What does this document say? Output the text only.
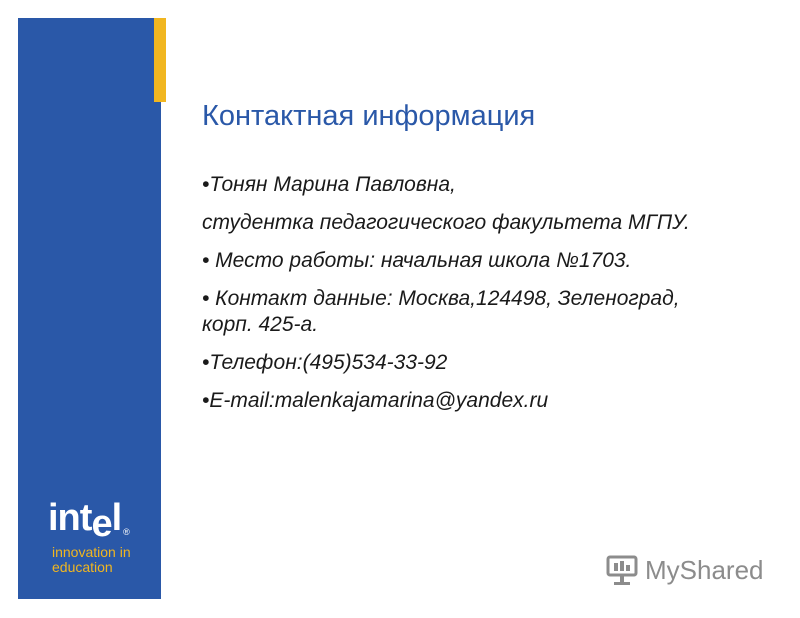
intel ®
innovation in
education
Контактная информация

•Тонян Марина Павловна,

студентка педагогического факультета МГПУ.

• Место работы: начальная школа №1703.

• Контакт данные: Москва,124498, Зеленоград, корп. 425-а.

•Телефон:(495)534-33-92

•E-mail:malenkajamarina@yandex.ru

MyShared
